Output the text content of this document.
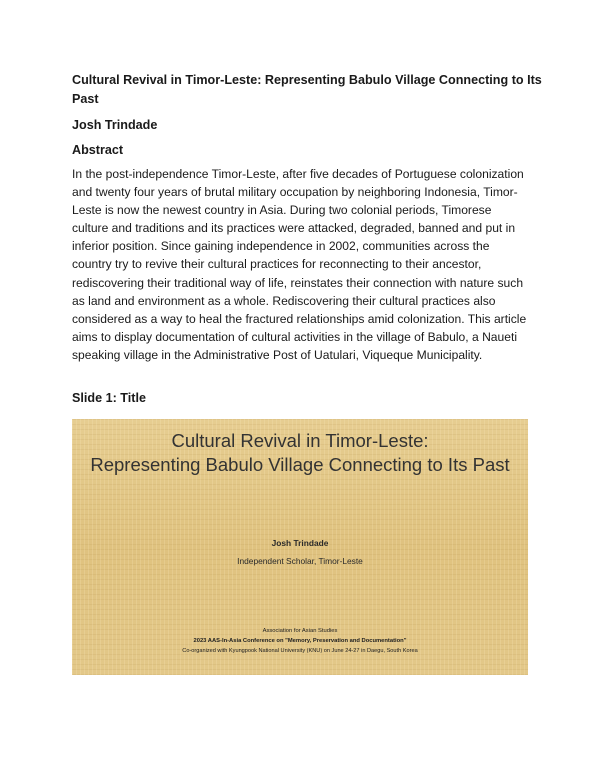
Cultural Revival in Timor-Leste: Representing Babulo Village Connecting to Its Past

Josh Trindade

Abstract

In the post-independence Timor-Leste, after five decades of Portuguese colonization and twenty four years of brutal military occupation by neighboring Indonesia, Timor-Leste is now the newest country in Asia. During two colonial periods, Timorese culture and traditions and its practices were attacked, degraded, banned and put in inferior position. Since gaining independence in 2002, communities across the country try to revive their cultural practices for reconnecting to their ancestor, rediscovering their traditional way of life, reinstates their connection with nature such as land and environment as a whole. Rediscovering their cultural practices also considered as a way to heal the fractured relationships amid colonization. This article aims to display documentation of cultural activities in the village of Babulo, a Naueti speaking village in the Administrative Post of Uatulari, Viqueque Municipality.

Slide 1: Title

Cultural Revival in Timor-Leste:
Representing Babulo Village Connecting to Its Past

Josh Trindade

Independent Scholar, Timor-Leste

Association for Asian Studies

2023 AAS-In-Asia Conference on "Memory, Preservation and Documentation"

Co-organized with Kyungpook National University (KNU) on June 24-27 in Daegu, South Korea
